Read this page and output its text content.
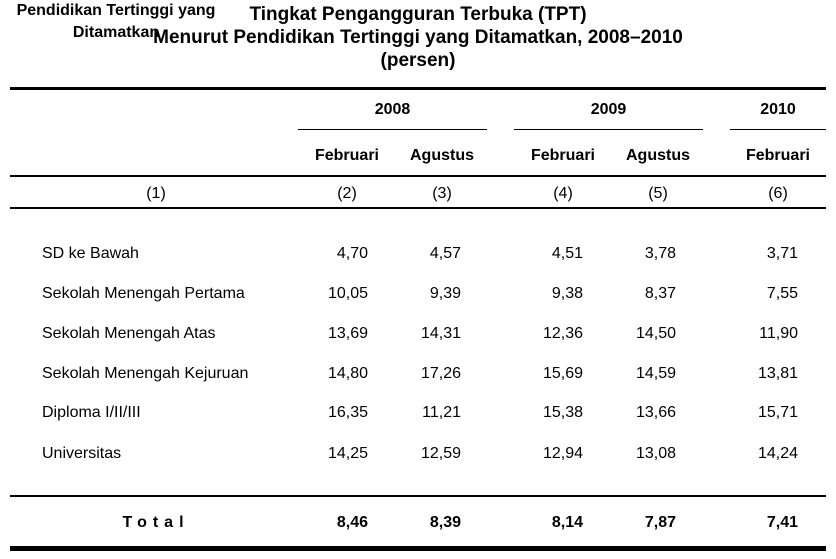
Tingkat Pengangguran Terbuka (TPT)
Menurut Pendidikan Tertinggi yang Ditamatkan, 2008–2010
(persen)
Pendidikan Tertinggi yang Ditamatkan
2008	2009	2010
Februari	Agustus	Februari	Agustus	Februari
(1)	(2)	(3)	(4)	(5)	(6)
SD ke Bawah	4,70	4,57	4,51	3,78	3,71
Sekolah Menengah Pertama	10,05	9,39	9,38	8,37	7,55
Sekolah Menengah Atas	13,69	14,31	12,36	14,50	11,90
Sekolah Menengah Kejuruan	14,80	17,26	15,69	14,59	13,81
Diploma I/II/III	16,35	11,21	15,38	13,66	15,71
Universitas	14,25	12,59	12,94	13,08	14,24
Total	8,46	8,39	8,14	7,87	7,41
